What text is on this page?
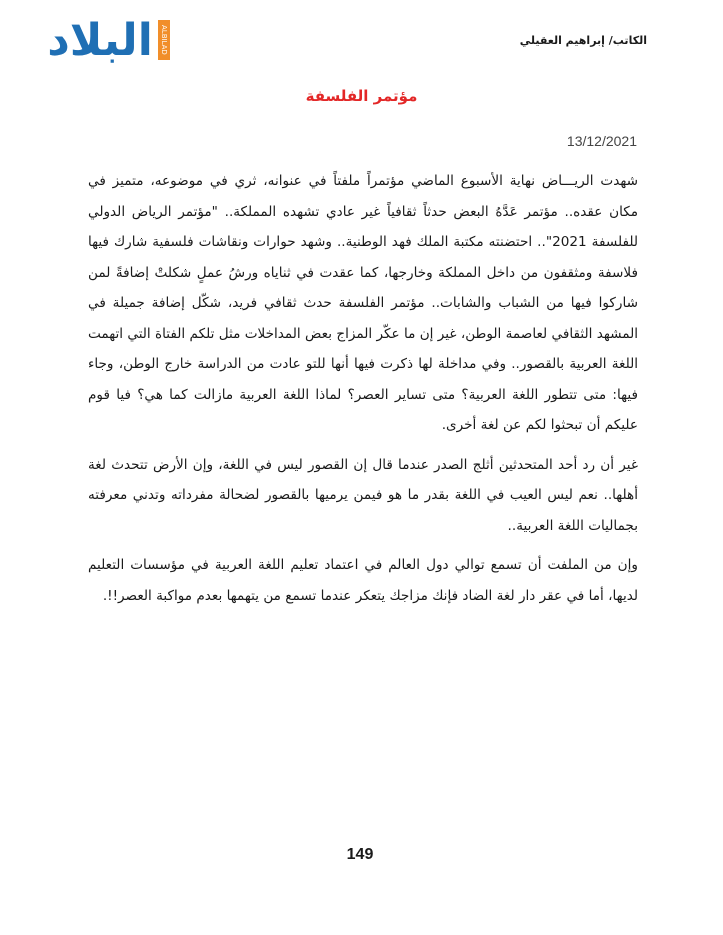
البلاد ALBILAD	الكاتب/ إبراهيم العقيلي
مؤتمر الفلسفة
13/12/2021

شهدت الريـــاض نهاية الأسبوع الماضي مؤتمراً ملفتاً في عنوانه، ثري في موضوعه، متميز في مكان عقده.. مؤتمر عَدَّهُ البعض حدثاً ثقافياً غير عادي تشهده المملكة.. "مؤتمر الرياض الدولي للفلسفة 2021".. احتضنته مكتبة الملك فهد الوطنية.. وشهد حوارات ونقاشات فلسفية شارك فيها فلاسفة ومثقفون من داخل المملكة وخارجها، كما عقدت في ثناياه ورشُ عملٍ شكلتْ إضافةً لمن شاركوا فيها من الشباب والشابات.. مؤتمر الفلسفة حدث ثقافي فريد، شكّل إضافة جميلة في المشهد الثقافي لعاصمة الوطن، غير إن ما عكّر المزاج بعض المداخلات مثل تلكم الفتاة التي اتهمت اللغة العربية بالقصور.. وفي مداخلة لها ذكرت فيها أنها للتو عادت من الدراسة خارج الوطن، وجاء فيها: متى تتطور اللغة العربية؟ متى تساير العصر؟ لماذا اللغة العربية مازالت كما هي؟ فيا قوم عليكم أن تبحثوا لكم عن لغة أخرى.

غير أن رد أحد المتحدثين أثلج الصدر عندما قال إن القصور ليس في اللغة، وإن الأرض تتحدث لغة أهلها.. نعم ليس العيب في اللغة بقدر ما هو فيمن يرميها بالقصور لضحالة مفرداته وتدني معرفته بجماليات اللغة العربية..

وإن من الملفت أن تسمع توالي دول العالم في اعتماد تعليم اللغة العربية في مؤسسات التعليم لديها، أما في عقر دار لغة الضاد فإنك مزاجك يتعكر عندما تسمع من يتهمها بعدم مواكبة العصر!!.

149
